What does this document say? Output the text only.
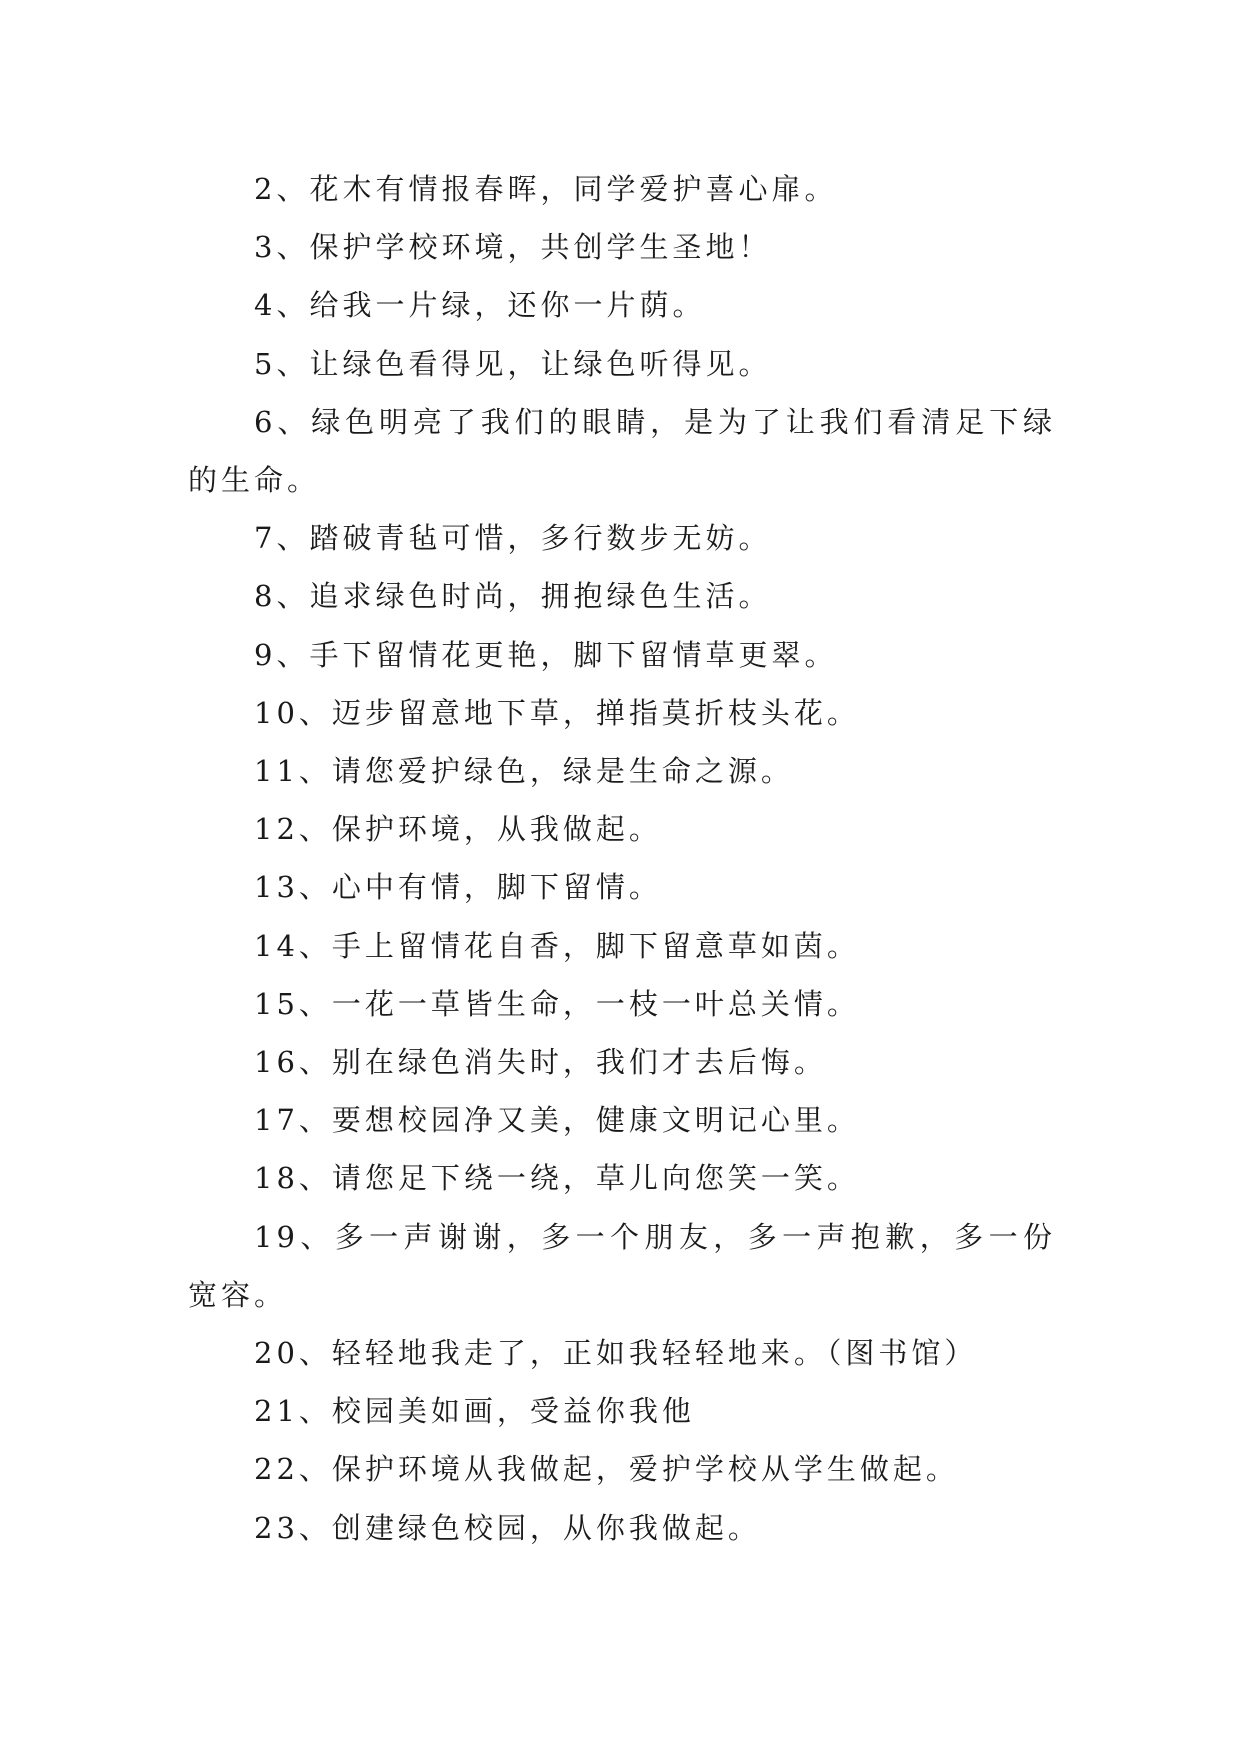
2、花木有情报春晖，同学爱护喜心扉。

3、保护学校环境，共创学生圣地！

4、给我一片绿，还你一片荫。

5、让绿色看得见，让绿色听得见。

6、绿色明亮了我们的眼睛，是为了让我们看清足下绿的生命。

7、踏破青毡可惜，多行数步无妨。

8、追求绿色时尚，拥抱绿色生活。

9、手下留情花更艳，脚下留情草更翠。

10、迈步留意地下草，掸指莫折枝头花。

11、请您爱护绿色，绿是生命之源。

12、保护环境，从我做起。

13、心中有情，脚下留情。

14、手上留情花自香，脚下留意草如茵。

15、一花一草皆生命，一枝一叶总关情。

16、别在绿色消失时，我们才去后悔。

17、要想校园净又美，健康文明记心里。

18、请您足下绕一绕，草儿向您笑一笑。

19、多一声谢谢，多一个朋友，多一声抱歉，多一份宽容。

20、轻轻地我走了，正如我轻轻地来。（图书馆）

21、校园美如画，受益你我他

22、保护环境从我做起，爱护学校从学生做起。

23、创建绿色校园，从你我做起。
